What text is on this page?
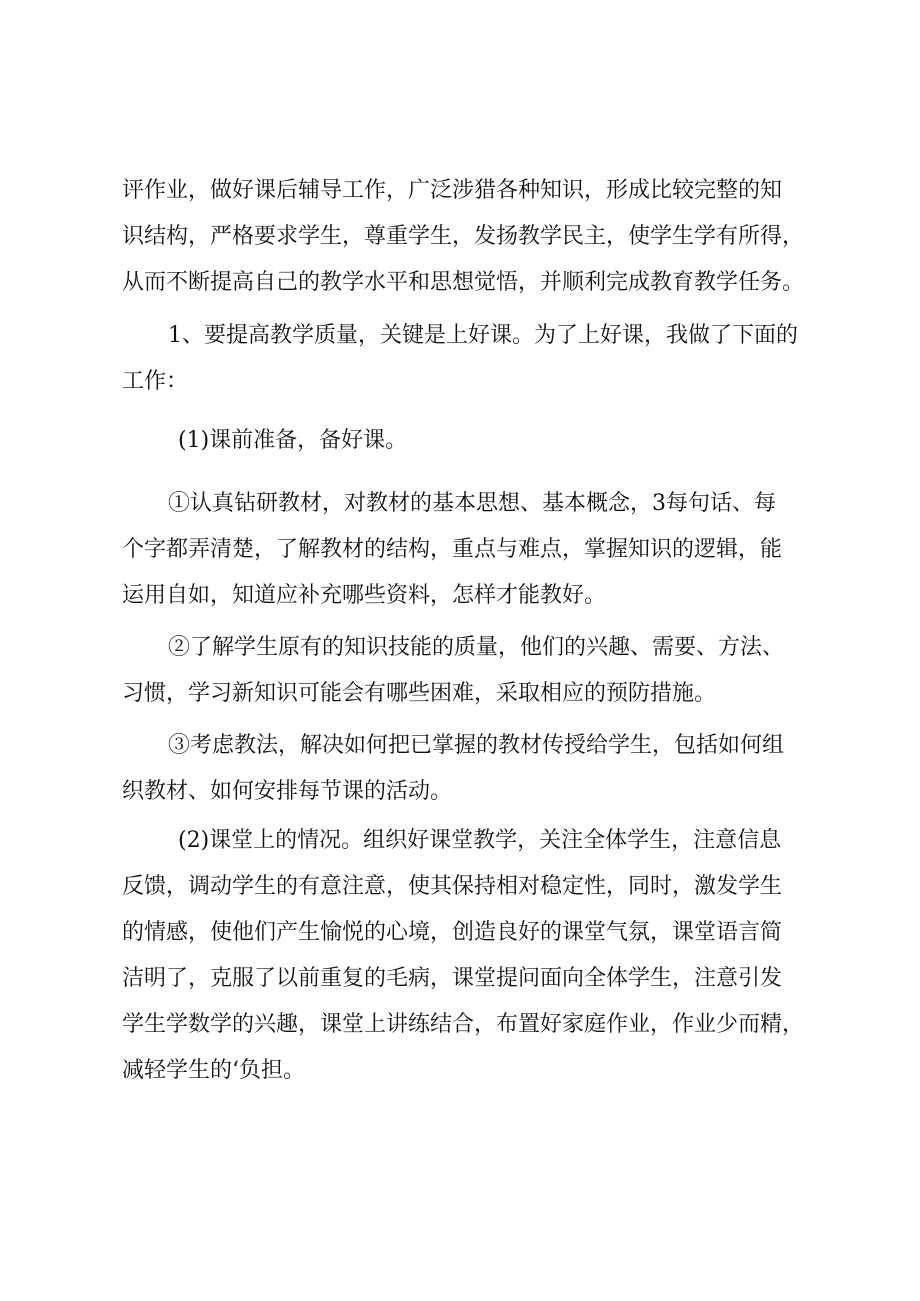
评作业，做好课后辅导工作，广泛涉猎各种知识，形成比较完整的知
识结构，严格要求学生，尊重学生，发扬教学民主，使学生学有所得，
从而不断提高自己的教学水平和思想觉悟，并顺利完成教育教学任务。
1、要提高教学质量，关键是上好课。为了上好课，我做了下面的
工作：
(1)课前准备，备好课。
①认真钻研教材，对教材的基本思想、基本概念，3每句话、每
个字都弄清楚，了解教材的结构，重点与难点，掌握知识的逻辑，能
运用自如，知道应补充哪些资料，怎样才能教好。
②了解学生原有的知识技能的质量，他们的兴趣、需要、方法、
习惯，学习新知识可能会有哪些困难，采取相应的预防措施。
③考虑教法，解决如何把已掌握的教材传授给学生，包括如何组
织教材、如何安排每节课的活动。
(2)课堂上的情况。组织好课堂教学，关注全体学生，注意信息
反馈，调动学生的有意注意，使其保持相对稳定性，同时，激发学生
的情感，使他们产生愉悦的心境，创造良好的课堂气氛，课堂语言简
洁明了，克服了以前重复的毛病，课堂提问面向全体学生，注意引发
学生学数学的兴趣，课堂上讲练结合，布置好家庭作业，作业少而精，
减轻学生的‘负担。
